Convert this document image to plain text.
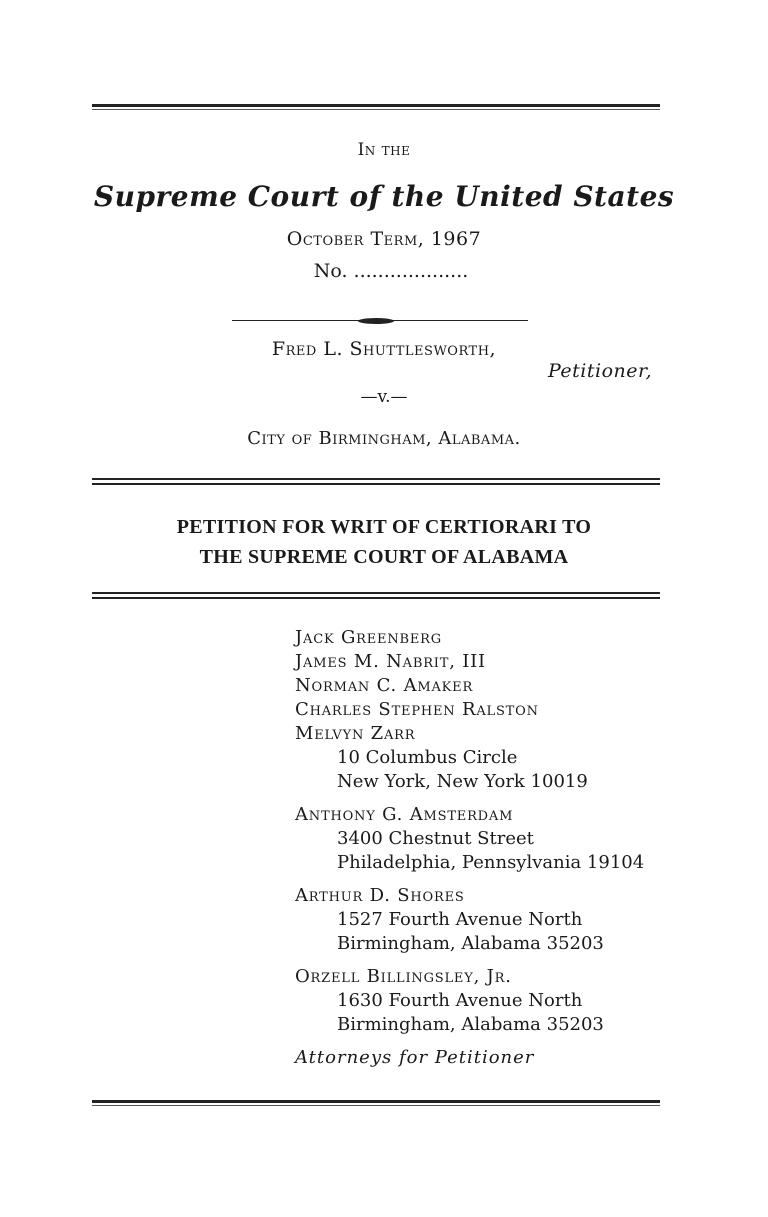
In the
Supreme Court of the United States
October Term, 1967
No. ...................
Fred L. Shuttlesworth,
Petitioner,
—v.—
City of Birmingham, Alabama.
PETITION FOR WRIT OF CERTIORARI TO
THE SUPREME COURT OF ALABAMA
Jack Greenberg
James M. Nabrit, III
Norman C. Amaker
Charles Stephen Ralston
Melvyn Zarr
10 Columbus Circle
New York, New York 10019
Anthony G. Amsterdam
3400 Chestnut Street
Philadelphia, Pennsylvania 19104
Arthur D. Shores
1527 Fourth Avenue North
Birmingham, Alabama 35203
Orzell Billingsley, Jr.
1630 Fourth Avenue North
Birmingham, Alabama 35203
Attorneys for Petitioner
